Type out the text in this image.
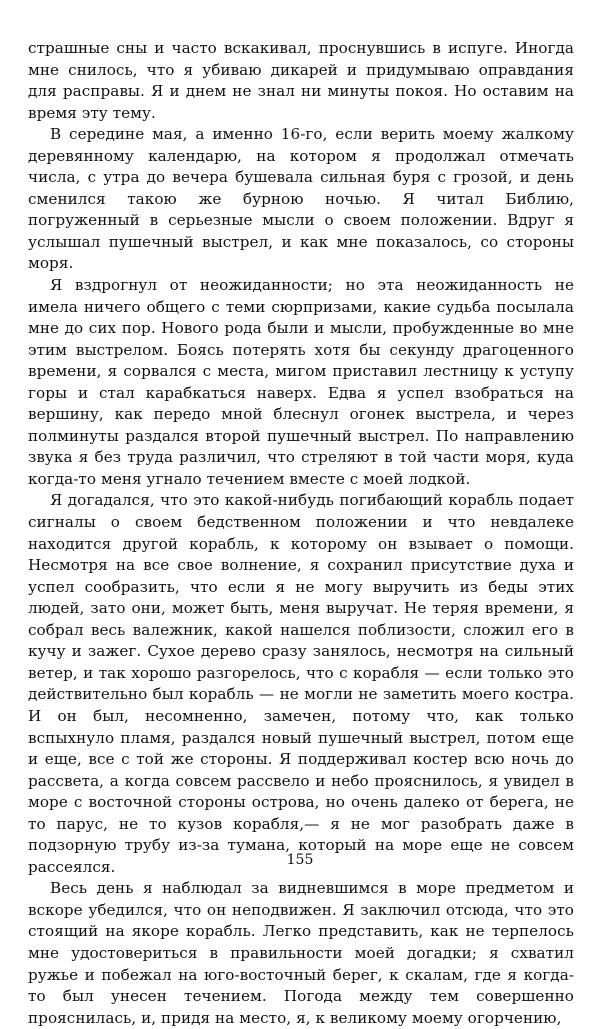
страшные сны и часто вскакивал, проснувшись в испуге. Иногда мне снилось, что я убиваю дикарей и придумываю оправдания для расправы. Я и днем не знал ни минуты покоя. Но оставим на время эту тему.

В середине мая, а именно 16-го, если верить моему жалкому деревянному календарю, на котором я продолжал отмечать числа, с утра до вечера бушевала сильная буря с грозой, и день сменился такою же бурною ночью. Я читал Библию, погруженный в серьезные мысли о своем положении. Вдруг я услышал пушечный выстрел, и как мне показалось, со стороны моря.

Я вздрогнул от неожиданности; но эта неожиданность не имела ничего общего с теми сюрпризами, какие судьба посылала мне до сих пор. Нового рода были и мысли, пробужденные во мне этим выстрелом. Боясь потерять хотя бы секунду драгоценного времени, я сорвался с места, мигом приставил лестницу к уступу горы и стал карабкаться наверх. Едва я успел взобраться на вершину, как передо мной блеснул огонек выстрела, и через полминуты раздался второй пушечный выстрел. По направлению звука я без труда различил, что стреляют в той части моря, куда когда-то меня угнало течением вместе с моей лодкой.

Я догадался, что это какой-нибудь погибающий корабль подает сигналы о своем бедственном положении и что невдалеке находится другой корабль, к которому он взывает о помощи. Несмотря на все свое волнение, я сохранил присутствие духа и успел сообразить, что если я не могу выручить из беды этих людей, зато они, может быть, меня выручат. Не теряя времени, я собрал весь валежник, какой нашелся поблизости, сложил его в кучу и зажег. Сухое дерево сразу занялось, несмотря на сильный ветер, и так хорошо разгорелось, что с корабля — если только это действительно был корабль — не могли не заметить моего костра. И он был, несомненно, замечен, потому что, как только вспыхнуло пламя, раздался новый пушечный выстрел, потом еще и еще, все с той же стороны. Я поддерживал костер всю ночь до рассвета, а когда совсем рассвело и небо прояснилось, я увидел в море с восточной стороны острова, но очень далеко от берега, не то парус, не то кузов корабля,— я не мог разобрать даже в подзорную трубу из-за тумана, который на море еще не совсем рассеялся.

Весь день я наблюдал за видневшимся в море предметом и вскоре убедился, что он неподвижен. Я заключил отсюда, что это стоящий на якоре корабль. Легко представить, как не терпелось мне удостовериться в правильности моей догадки; я схватил ружье и побежал на юго-восточный берег, к скалам, где я когда-то был унесен течением. Погода между тем совершенно прояснилась, и, придя на место, я, к великому моему огорчению,

155
